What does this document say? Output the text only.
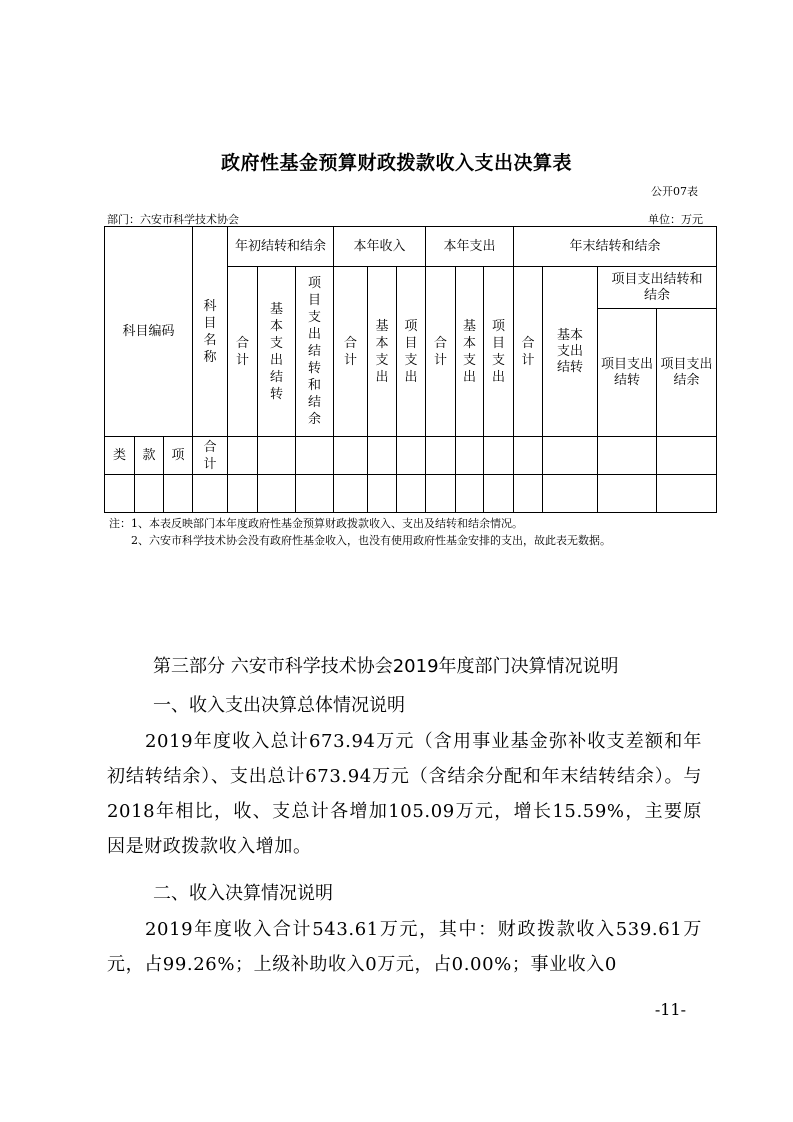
政府性基金预算财政拨款收入支出决算表
公开07表
部门：六安市科学技术协会	单位：万元
科目编码			科目名称	年初结转和结余			本年收入			本年支出			年末结转和结余			
				合计	基本支出结转	项目支出结转和结余	合计	基本支出	项目支出	合计	基本支出	项目支出	合计	基本支出结转	项目支出结转和结余	

															项目支出结转	项目支出结余

类	款	项	合计													

注：1、本表反映部门本年度政府性基金预算财政拨款收入、支出及结转和结余情况。
2、六安市科学技术协会没有政府性基金收入，也没有使用政府性基金安排的支出，故此表无数据。
第三部分 六安市科学技术协会2019年度部门决算情况说明
一、收入支出决算总体情况说明
2019年度收入总计673.94万元（含用事业基金弥补收支差额和年初结转结余）、支出总计673.94万元（含结余分配和年末结转结余）。与2018年相比，收、支总计各增加105.09万元，增长15.59%，主要原因是财政拨款收入增加。
二、收入决算情况说明
2019年度收入合计543.61万元，其中：财政拨款收入539.61万元，占99.26%；上级补助收入0万元，占0.00%；事业收入0
-11-
